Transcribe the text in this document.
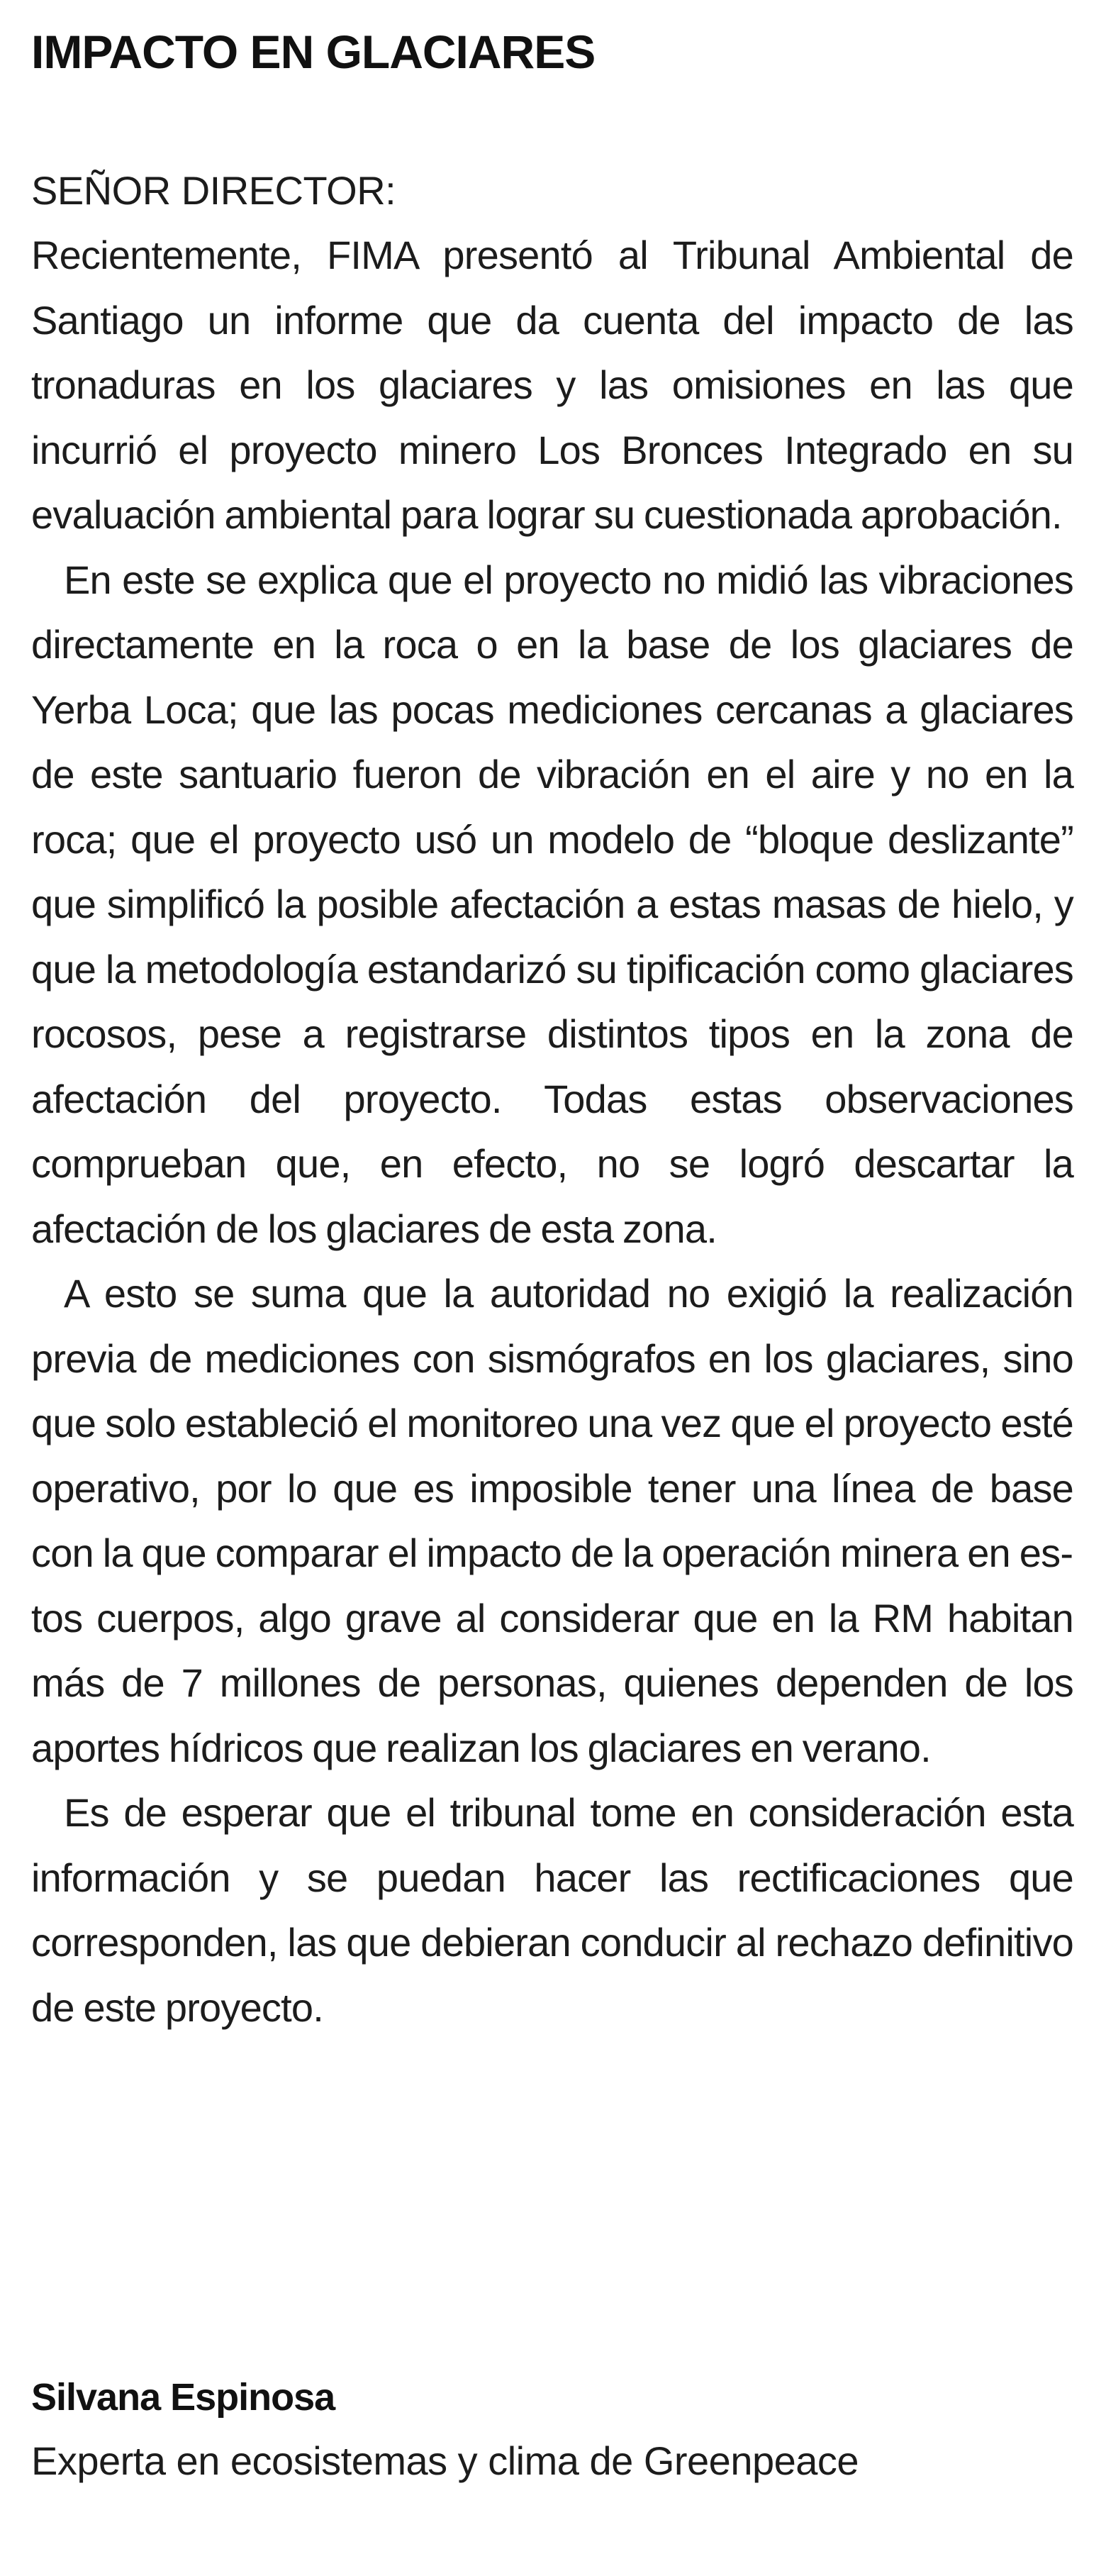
IMPACTO EN GLACIARES

SEÑOR DIRECTOR:

Recientemente, FIMA presentó al Tribunal Ambiental de Santiago un informe que da cuenta del impacto de las tronaduras en los glaciares y las omisiones en las que incurrió el proyecto minero Los Bronces Integrado en su evaluación ambiental para lograr su cuestionada aprobación.

En este se explica que el proyecto no midió las vibraciones directamente en la roca o en la base de los glaciares de Yerba Loca; que las pocas mediciones cercanas a glaciares de este santuario fueron de vibración en el aire y no en la roca; que el proyecto usó un modelo de “bloque deslizante” que simplificó la posible afectación a estas masas de hielo, y que la metodología estandarizó su tipificación como glaciares rocosos, pese a registrarse distintos tipos en la zona de afectación del proyecto. Todas estas observaciones comprueban que, en efecto, no se logró descartar la afectación de los glaciares de esta zona.

A esto se suma que la autoridad no exigió la realización previa de mediciones con sismógrafos en los glaciares, sino que solo estableció el monitoreo una vez que el proyecto esté operativo, por lo que es imposible tener una línea de base con la que comparar el impacto de la operación minera en estos cuerpos, algo grave al considerar que en la RM habitan más de 7 millones de personas, quienes dependen de los aportes hídricos que realizan los glaciares en verano.

Es de esperar que el tribunal tome en consideración esta información y se puedan hacer las rectificaciones que corresponden, las que debieran conducir al rechazo definitivo de este proyecto.

Silvana Espinosa

Experta en ecosistemas y clima de Greenpeace
